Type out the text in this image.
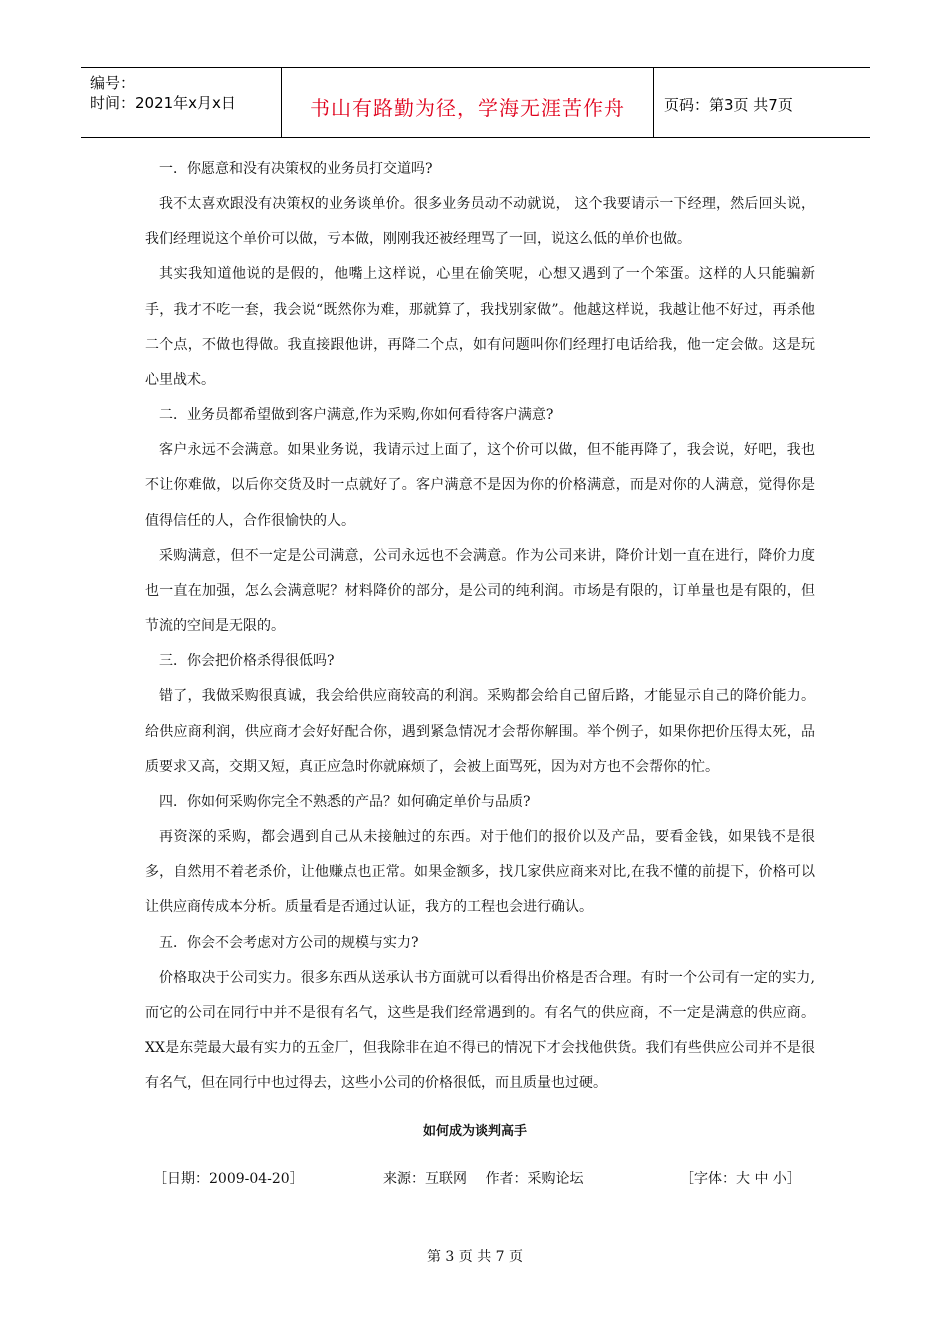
编号：
时间：2021年x月x日	书山有路勤为径，学海无涯苦作舟	页码：第3页 共7页
一．你愿意和没有决策权的业务员打交道吗?
我不太喜欢跟没有决策权的业务谈单价。很多业务员动不动就说， 这个我要请示一下经理，然后回头说，我们经理说这个单价可以做，亏本做，刚刚我还被经理骂了一回，说这么低的单价也做。
其实我知道他说的是假的，他嘴上这样说，心里在偷笑呢，心想又遇到了一个笨蛋。这样的人只能骗新手，我才不吃一套，我会说“既然你为难，那就算了，我找别家做”。他越这样说，我越让他不好过，再杀他二个点，不做也得做。我直接跟他讲，再降二个点，如有问题叫你们经理打电话给我，他一定会做。这是玩心里战术。
二．业务员都希望做到客户满意,作为采购,你如何看待客户满意?
客户永远不会满意。如果业务说，我请示过上面了，这个价可以做，但不能再降了，我会说，好吧，我也不让你难做，以后你交货及时一点就好了。客户满意不是因为你的价格满意，而是对你的人满意，觉得你是值得信任的人，合作很愉快的人。
采购满意，但不一定是公司满意，公司永远也不会满意。作为公司来讲，降价计划一直在进行，降价力度也一直在加强，怎么会满意呢？材料降价的部分，是公司的纯利润。市场是有限的，订单量也是有限的，但节流的空间是无限的。
三．你会把价格杀得很低吗?
错了，我做采购很真诚，我会给供应商较高的利润。采购都会给自己留后路，才能显示自己的降价能力。给供应商利润，供应商才会好好配合你，遇到紧急情况才会帮你解围。举个例子，如果你把价压得太死，品质要求又高，交期又短，真正应急时你就麻烦了，会被上面骂死，因为对方也不会帮你的忙。
四．你如何采购你完全不熟悉的产品？如何确定单价与品质?
再资深的采购，都会遇到自己从未接触过的东西。对于他们的报价以及产品，要看金钱，如果钱不是很多，自然用不着老杀价，让他赚点也正常。如果金额多，找几家供应商来对比,在我不懂的前提下，价格可以让供应商传成本分析。质量看是否通过认证，我方的工程也会进行确认。
五．你会不会考虑对方公司的规模与实力?
价格取决于公司实力。很多东西从送承认书方面就可以看得出价格是否合理。有时一个公司有一定的实力,而它的公司在同行中并不是很有名气，这些是我们经常遇到的。有名气的供应商，不一定是满意的供应商。XX是东莞最大最有实力的五金厂，但我除非在迫不得已的情况下才会找他供货。我们有些供应公司并不是很有名气，但在同行中也过得去，这些小公司的价格很低，而且质量也过硬。
如何成为谈判高手
［日期：2009-04-20］	来源：互联网　 作者：采购论坛	［字体：大 中 小］
第 3 页 共 7 页
